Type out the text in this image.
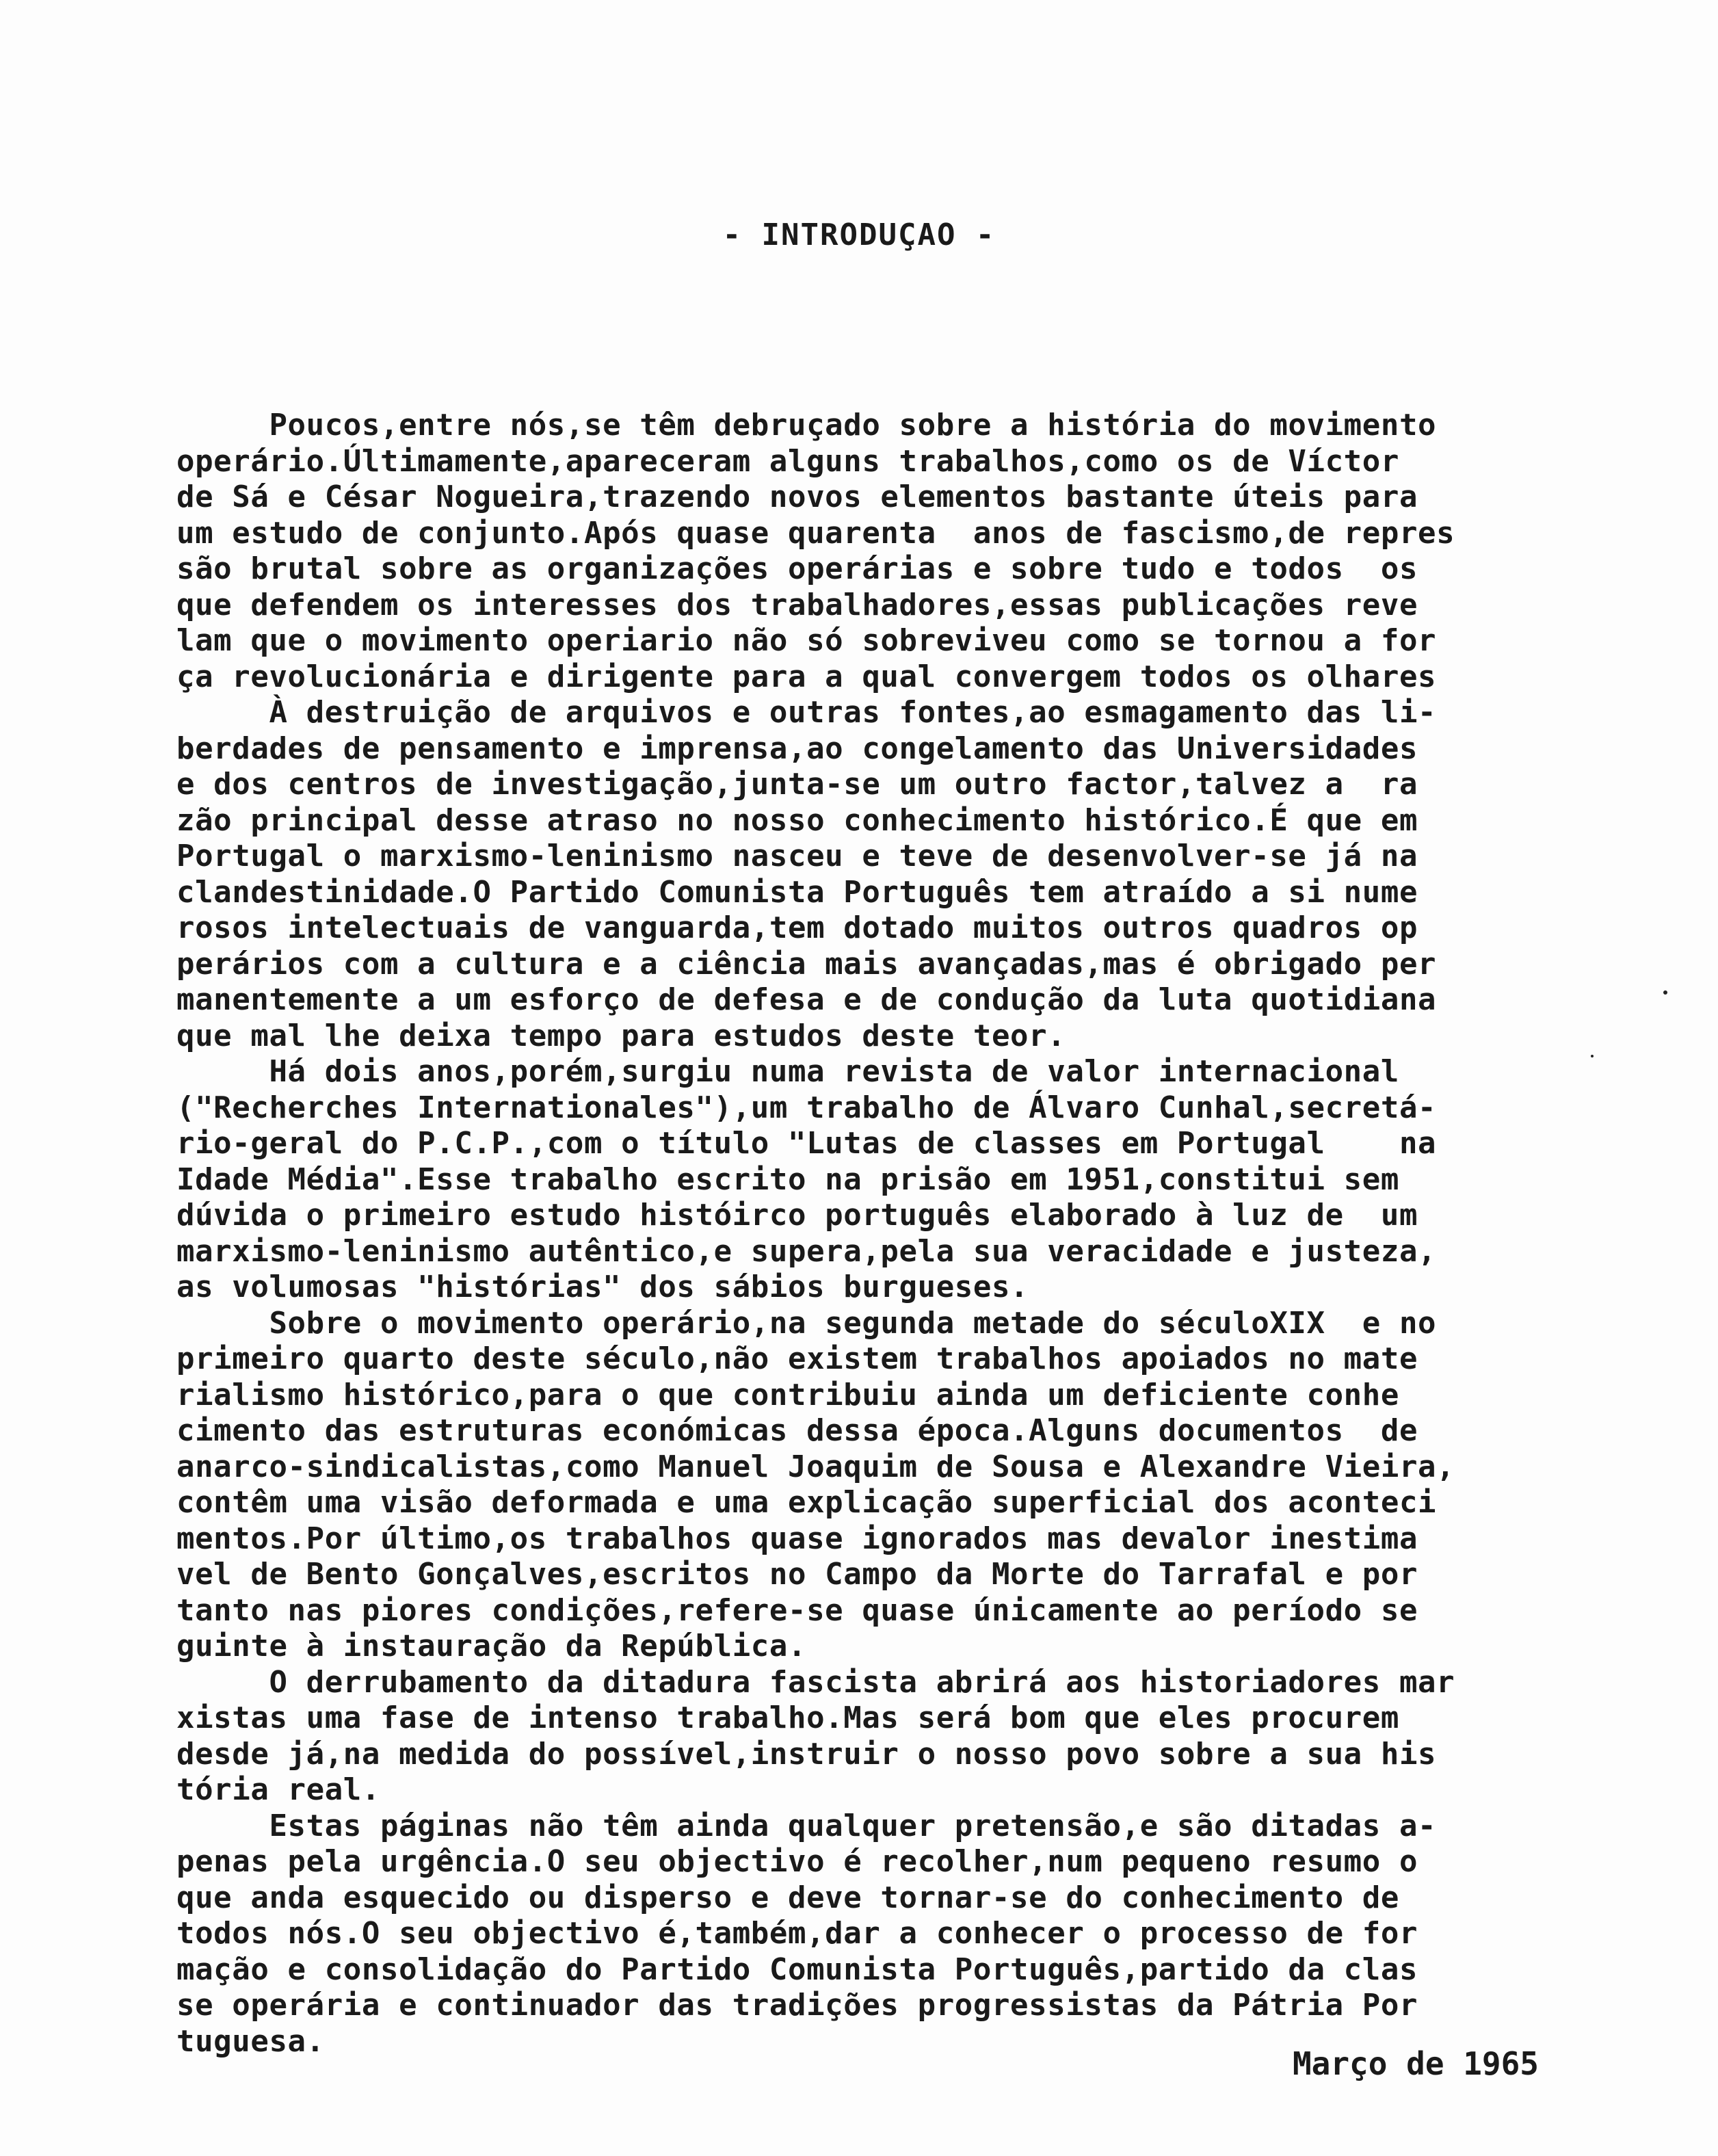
- INTRODUÇAO -
Poucos,entre nós,se têm debruçado sobre a história do movimento
operário.Últimamente,apareceram alguns trabalhos,como os de Víctor
de Sá e César Nogueira,trazendo novos elementos bastante úteis para
um estudo de conjunto.Após quase quarenta  anos de fascismo,de repres
são brutal sobre as organizações operárias e sobre tudo e todos  os
que defendem os interesses dos trabalhadores,essas publicações reve
lam que o movimento operiario não só sobreviveu como se tornou a for
ça revolucionária e dirigente para a qual convergem todos os olhares
À destruição de arquivos e outras fontes,ao esmagamento das li-
berdades de pensamento e imprensa,ao congelamento das Universidades
e dos centros de investigação,junta-se um outro factor,talvez a  ra
zão principal desse atraso no nosso conhecimento histórico.É que em
Portugal o marxismo-leninismo nasceu e teve de desenvolver-se já na
clandestinidade.O Partido Comunista Português tem atraído a si nume
rosos intelectuais de vanguarda,tem dotado muitos outros quadros op
perários com a cultura e a ciência mais avançadas,mas é obrigado per
manentemente a um esforço de defesa e de condução da luta quotidiana
que mal lhe deixa tempo para estudos deste teor.
Há dois anos,porém,surgiu numa revista de valor internacional
("Recherches Internationales"),um trabalho de Álvaro Cunhal,secretá-
rio-geral do P.C.P.,com o título "Lutas de classes em Portugal    na
Idade Média".Esse trabalho escrito na prisão em 1951,constitui sem
dúvida o primeiro estudo históirco português elaborado à luz de  um
marxismo-leninismo autêntico,e supera,pela sua veracidade e justeza,
as volumosas "histórias" dos sábios burgueses.
Sobre o movimento operário,na segunda metade do séculoXIX  e no
primeiro quarto deste século,não existem trabalhos apoiados no mate
rialismo histórico,para o que contribuiu ainda um deficiente conhe
cimento das estruturas económicas dessa época.Alguns documentos  de
anarco-sindicalistas,como Manuel Joaquim de Sousa e Alexandre Vieira,
contêm uma visão deformada e uma explicação superficial dos aconteci
mentos.Por último,os trabalhos quase ignorados mas devalor inestima
vel de Bento Gonçalves,escritos no Campo da Morte do Tarrafal e por
tanto nas piores condições,refere-se quase únicamente ao período se
guinte à instauração da República.
O derrubamento da ditadura fascista abrirá aos historiadores mar
xistas uma fase de intenso trabalho.Mas será bom que eles procurem
desde já,na medida do possível,instruir o nosso povo sobre a sua his
tória real.
Estas páginas não têm ainda qualquer pretensão,e são ditadas a-
penas pela urgência.O seu objectivo é recolher,num pequeno resumo o
que anda esquecido ou disperso e deve tornar-se do conhecimento de
todos nós.O seu objectivo é,também,dar a conhecer o processo de for
mação e consolidação do Partido Comunista Português,partido da clas
se operária e continuador das tradições progressistas da Pátria Por
tuguesa.
Março de 1965
